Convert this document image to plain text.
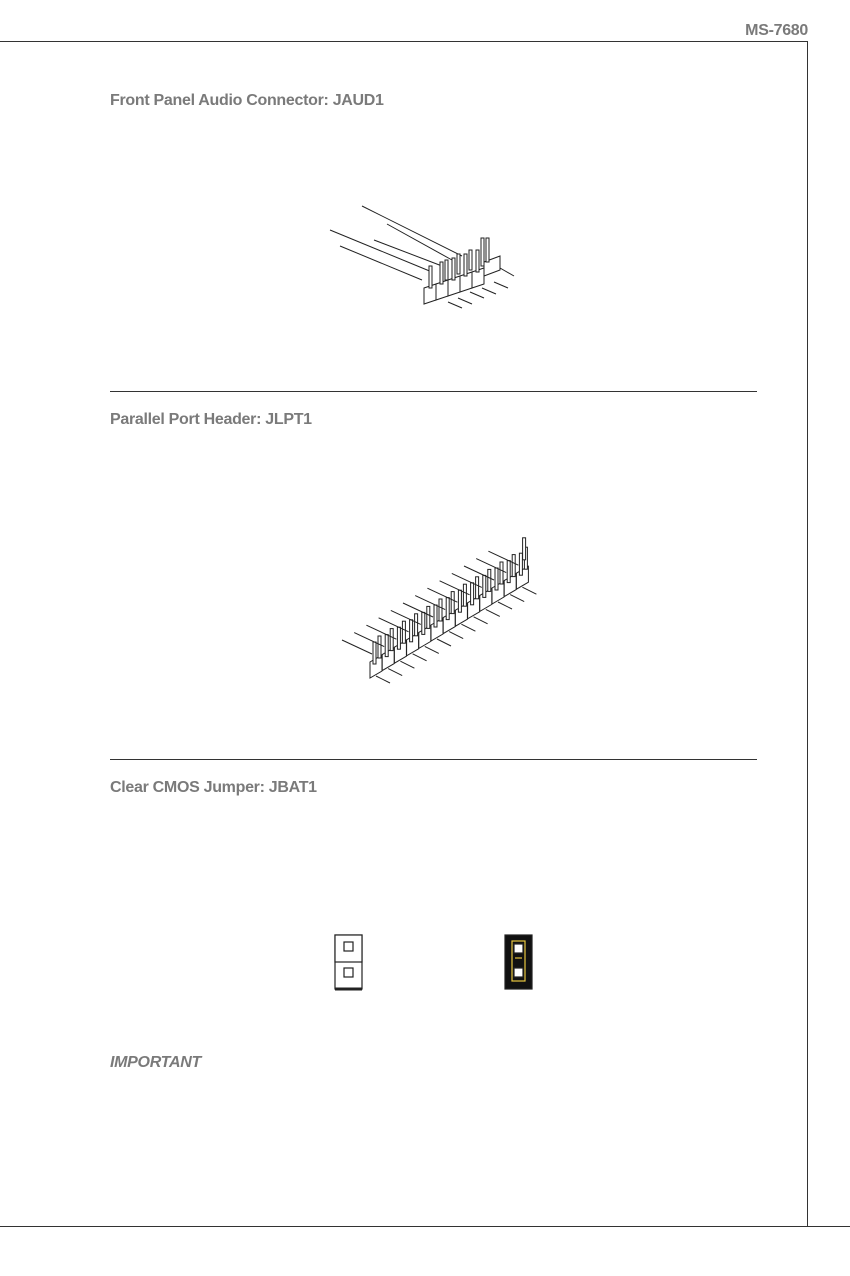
MS-7680
Front Panel Audio Connector: JAUD1
Parallel Port Header: JLPT1
Clear CMOS Jumper: JBAT1
IMPORTANT
